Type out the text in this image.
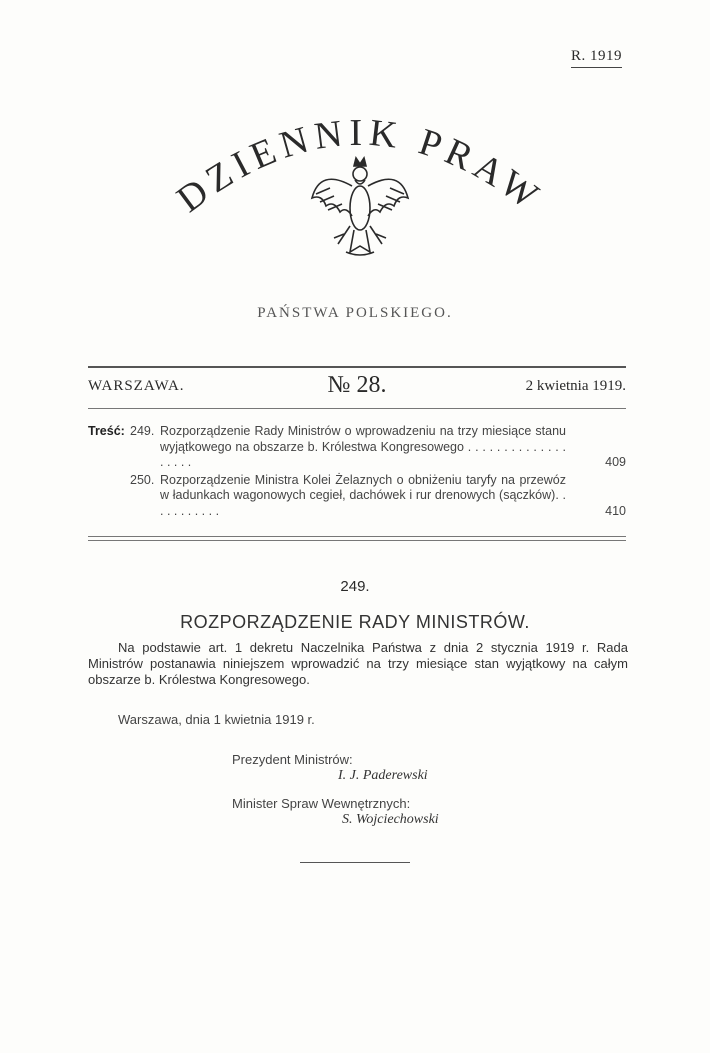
R. 1919
DZIENNIK PRAW
PAŃSTWA POLSKIEGO.
WARSZAWA.	№ 28.	2 kwietnia 1919.
Treść: 249. Rozporządzenie Rady Ministrów o wprowadzeniu na trzy miesiące stanu wyjątkowego na obszarze b. Królestwa Kongresowego . . . . . . . . . . . . . . . . . . .	409
250. Rozporządzenie Ministra Kolei Żelaznych o obniżeniu taryfy na przewóz w ładunkach wagonowych cegieł, dachówek i rur drenowych (sączków). . . . . . . . . . .	410
249.
ROZPORZĄDZENIE RADY MINISTRÓW.
Na podstawie art. 1 dekretu Naczelnika Państwa z dnia 2 stycznia 1919 r. Rada Ministrów postanawia niniejszem wprowadzić na trzy miesiące stan wyjątkowy na całym obszarze b. Królestwa Kongresowego.
Warszawa, dnia 1 kwietnia 1919 r.
Prezydent Ministrów:
I. J. Paderewski
Minister Spraw Wewnętrznych:
S. Wojciechowski
